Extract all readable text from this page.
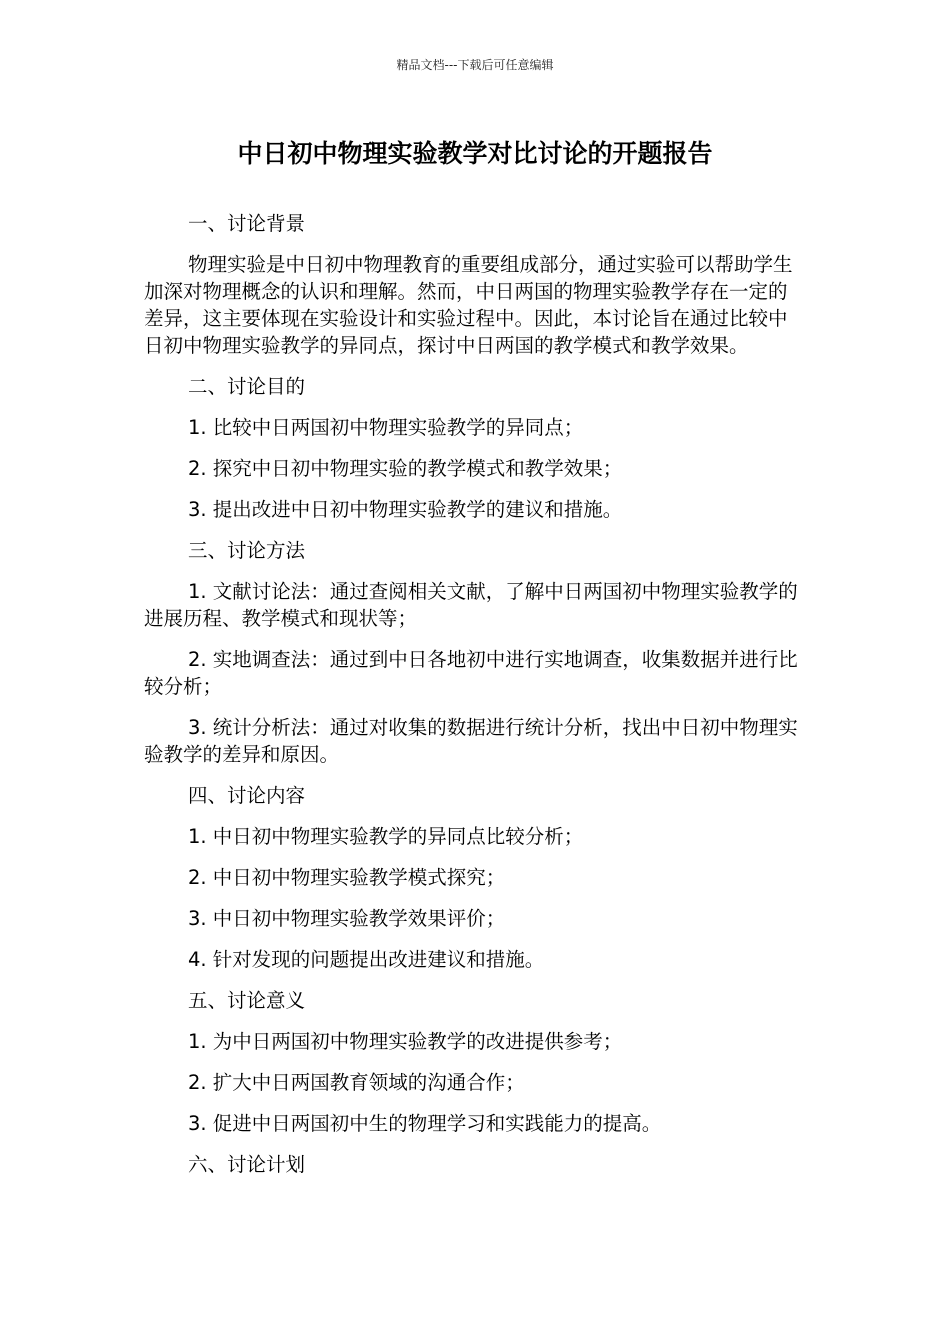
精品文档---下载后可任意编辑
中日初中物理实验教学对比讨论的开题报告

一、讨论背景

物理实验是中日初中物理教育的重要组成部分，通过实验可以帮助学生加深对物理概念的认识和理解。然而，中日两国的物理实验教学存在一定的差异，这主要体现在实验设计和实验过程中。因此，本讨论旨在通过比较中日初中物理实验教学的异同点，探讨中日两国的教学模式和教学效果。

二、讨论目的

1. 比较中日两国初中物理实验教学的异同点；

2. 探究中日初中物理实验的教学模式和教学效果；

3. 提出改进中日初中物理实验教学的建议和措施。

三、讨论方法

1. 文献讨论法：通过查阅相关文献，了解中日两国初中物理实验教学的进展历程、教学模式和现状等；

2. 实地调查法：通过到中日各地初中进行实地调查，收集数据并进行比较分析；

3. 统计分析法：通过对收集的数据进行统计分析，找出中日初中物理实验教学的差异和原因。

四、讨论内容

1. 中日初中物理实验教学的异同点比较分析；

2. 中日初中物理实验教学模式探究；

3. 中日初中物理实验教学效果评价；

4. 针对发现的问题提出改进建议和措施。

五、讨论意义

1. 为中日两国初中物理实验教学的改进提供参考；

2. 扩大中日两国教育领域的沟通合作；

3. 促进中日两国初中生的物理学习和实践能力的提高。

六、讨论计划
